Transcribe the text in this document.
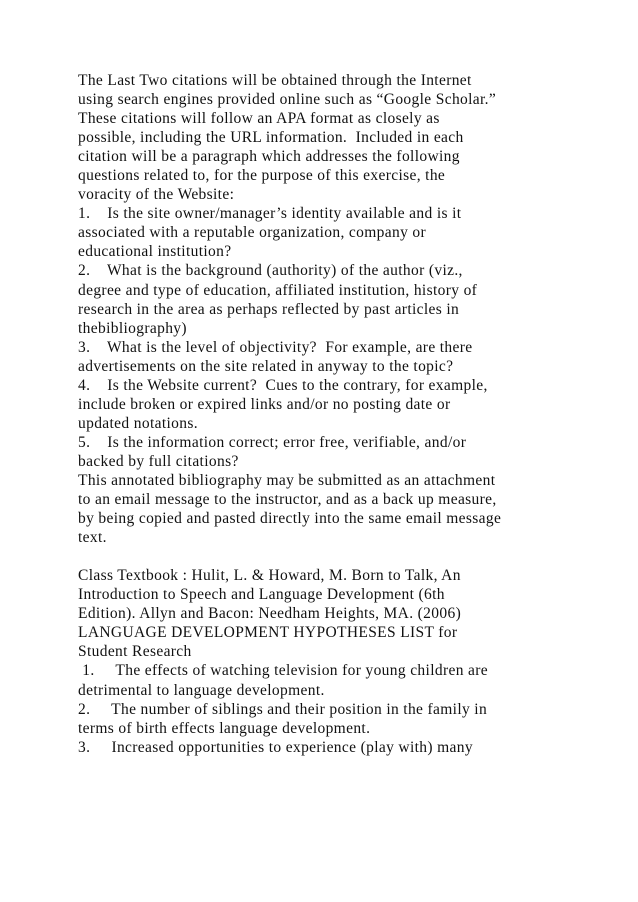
The Last Two citations will be obtained through the Internet
using search engines provided online such as “Google Scholar.”
These citations will follow an APA format as closely as
possible, including the URL information.  Included in each
citation will be a paragraph which addresses the following
questions related to, for the purpose of this exercise, the
voracity of the Website:
1.    Is the site owner/manager’s identity available and is it
associated with a reputable organization, company or
educational institution?
2.    What is the background (authority) of the author (viz.,
degree and type of education, affiliated institution, history of
research in the area as perhaps reflected by past articles in
thebibliography)
3.    What is the level of objectivity?  For example, are there
advertisements on the site related in anyway to the topic?
4.    Is the Website current?  Cues to the contrary, for example,
include broken or expired links and/or no posting date or
updated notations.
5.    Is the information correct; error free, verifiable, and/or
backed by full citations?
This annotated bibliography may be submitted as an attachment
to an email message to the instructor, and as a back up measure,
by being copied and pasted directly into the same email message
text.
Class Textbook : Hulit, L. & Howard, M. Born to Talk, An
Introduction to Speech and Language Development (6th
Edition). Allyn and Bacon: Needham Heights, MA. (2006)
LANGUAGE DEVELOPMENT HYPOTHESES LIST for
Student Research
1.     The effects of watching television for young children are
detrimental to language development.
2.     The number of siblings and their position in the family in
terms of birth effects language development.
3.     Increased opportunities to experience (play with) many
